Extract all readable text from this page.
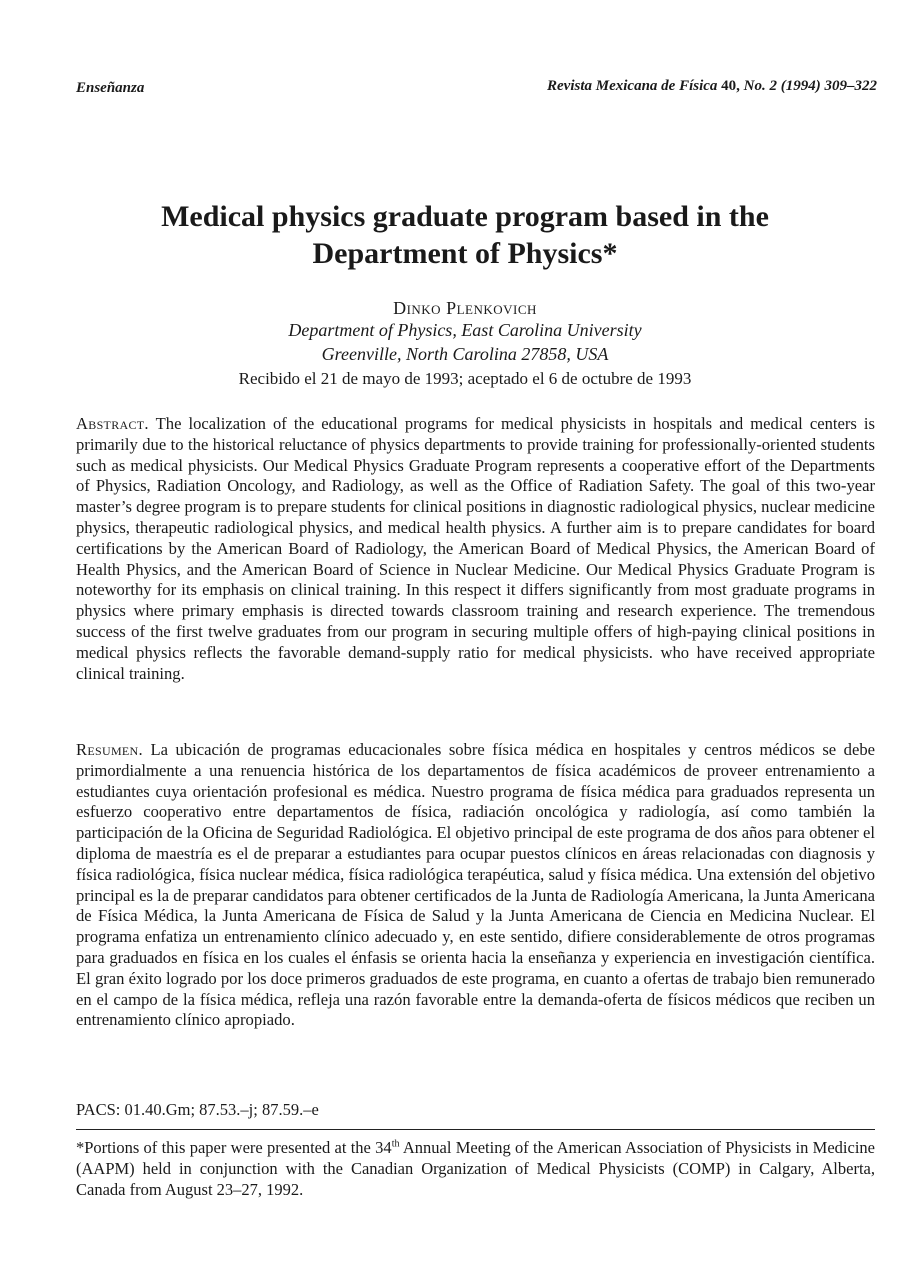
Enseñanza	Revista Mexicana de Física 40, No. 2 (1994) 309–322
Medical physics graduate program based in the
Department of Physics*
Dinko Plenkovich
Department of Physics, East Carolina University
Greenville, North Carolina 27858, USA
Recibido el 21 de mayo de 1993; aceptado el 6 de octubre de 1993
Abstract. The localization of the educational programs for medical physicists in hospitals and medical centers is primarily due to the historical reluctance of physics departments to provide training for professionally-oriented students such as medical physicists. Our Medical Physics Graduate Program represents a cooperative effort of the Departments of Physics, Radiation Oncology, and Radiology, as well as the Office of Radiation Safety. The goal of this two-year master’s degree program is to prepare students for clinical positions in diagnostic radiological physics, nuclear medicine physics, therapeutic radiological physics, and medical health physics. A further aim is to prepare candidates for board certifications by the American Board of Radiology, the American Board of Medical Physics, the American Board of Health Physics, and the American Board of Science in Nuclear Medicine. Our Medical Physics Graduate Program is noteworthy for its emphasis on clinical training. In this respect it differs significantly from most graduate programs in physics where primary emphasis is directed towards classroom training and research experience. The tremendous success of the first twelve graduates from our program in securing multiple offers of high-paying clinical positions in medical physics reflects the favorable demand-supply ratio for medical physicists. who have received appropriate clinical training.
Resumen. La ubicación de programas educacionales sobre física médica en hospitales y centros médicos se debe primordialmente a una renuencia histórica de los departamentos de física académicos de proveer entrenamiento a estudiantes cuya orientación profesional es médica. Nuestro programa de física médica para graduados representa un esfuerzo cooperativo entre departamentos de física, radiación oncológica y radiología, así como también la participación de la Oficina de Seguridad Radiológica. El objetivo principal de este programa de dos años para obtener el diploma de maestría es el de preparar a estudiantes para ocupar puestos clínicos en áreas relacionadas con diagnosis y física radiológica, física nuclear médica, física radiológica terapéutica, salud y física médica. Una extensión del objetivo principal es la de preparar candidatos para obtener certificados de la Junta de Radiología Americana, la Junta Americana de Física Médica, la Junta Americana de Física de Salud y la Junta Americana de Ciencia en Medicina Nuclear. El programa enfatiza un entrenamiento clínico adecuado y, en este sentido, difiere considerablemente de otros programas para graduados en física en los cuales el énfasis se orienta hacia la enseñanza y experiencia en investigación científica. El gran éxito logrado por los doce primeros graduados de este programa, en cuanto a ofertas de trabajo bien remunerado en el campo de la física médica, refleja una razón favorable entre la demanda-oferta de físicos médicos que reciben un entrenamiento clínico apropiado.
PACS: 01.40.Gm; 87.53.–j; 87.59.–e
*Portions of this paper were presented at the 34th Annual Meeting of the American Association of Physicists in Medicine (AAPM) held in conjunction with the Canadian Organization of Medical Physicists (COMP) in Calgary, Alberta, Canada from August 23–27, 1992.
